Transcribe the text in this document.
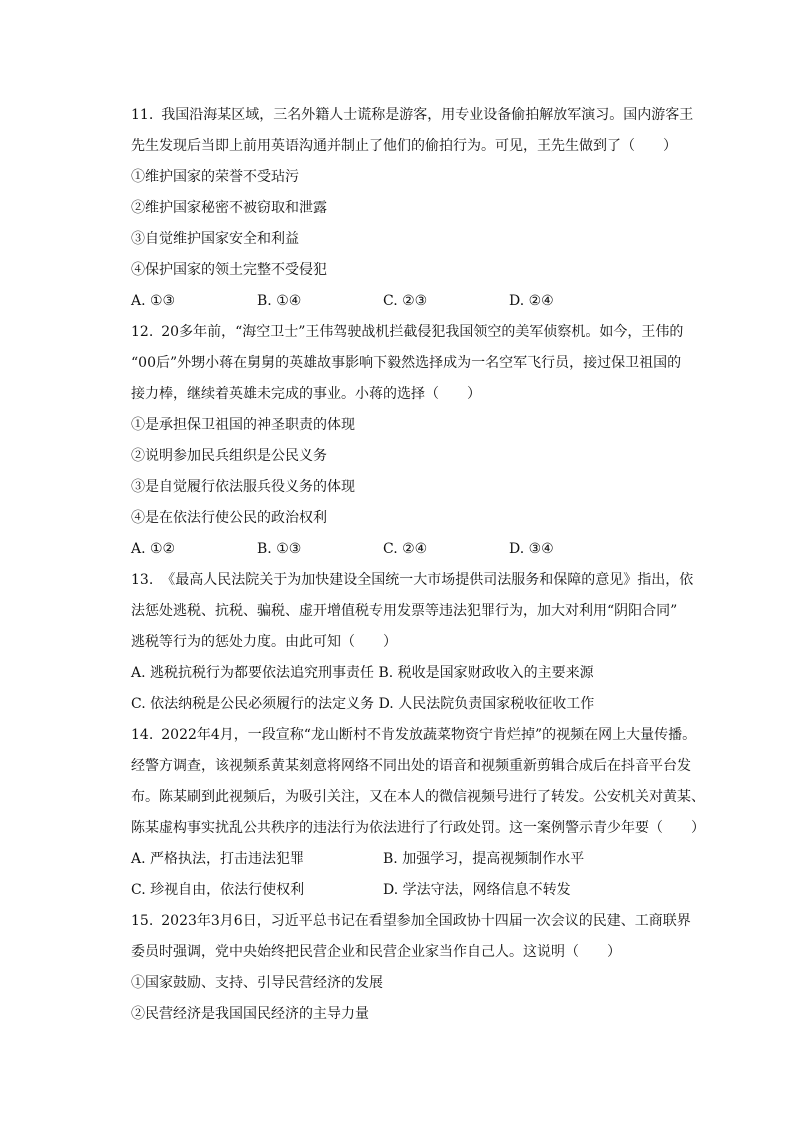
11. 我国沿海某区域，三名外籍人士谎称是游客，用专业设备偷拍解放军演习。国内游客王
先生发现后当即上前用英语沟通并制止了他们的偷拍行为。可见，王先生做到了（　　）
①维护国家的荣誉不受玷污
②维护国家秘密不被窃取和泄露
③自觉维护国家安全和利益
④保护国家的领土完整不受侵犯
A. ①③	B. ①④	C. ②③	D. ②④
12. 20多年前，“海空卫士”王伟驾驶战机拦截侵犯我国领空的美军侦察机。如今，王伟的
“00后”外甥小蒋在舅舅的英雄故事影响下毅然选择成为一名空军飞行员，接过保卫祖国的
接力棒，继续着英雄未完成的事业。小蒋的选择（　　）
①是承担保卫祖国的神圣职责的体现
②说明参加民兵组织是公民义务
③是自觉履行依法服兵役义务的体现
④是在依法行使公民的政治权利
A. ①②	B. ①③	C. ②④	D. ③④
13. 《最高人民法院关于为加快建设全国统一大市场提供司法服务和保障的意见》指出，依
法惩处逃税、抗税、骗税、虚开增值税专用发票等违法犯罪行为，加大对利用“阴阳合同”
逃税等行为的惩处力度。由此可知（　　）
A. 逃税抗税行为都要依法追究刑事责任 B. 税收是国家财政收入的主要来源
C. 依法纳税是公民必须履行的法定义务 D. 人民法院负责国家税收征收工作
14. 2022年4月，一段宣称“龙山断村不肯发放蔬菜物资宁肯烂掉”的视频在网上大量传播。
经警方调查，该视频系黄某刻意将网络不同出处的语音和视频重新剪辑合成后在抖音平台发
布。陈某刷到此视频后，为吸引关注，又在本人的微信视频号进行了转发。公安机关对黄某、
陈某虚构事实扰乱公共秩序的违法行为依法进行了行政处罚。这一案例警示青少年要（　　）
A. 严格执法，打击违法犯罪	B. 加强学习，提高视频制作水平
C. 珍视自由，依法行使权利	D. 学法守法，网络信息不转发
15. 2023年3月6日，习近平总书记在看望参加全国政协十四届一次会议的民建、工商联界
委员时强调，党中央始终把民营企业和民营企业家当作自己人。这说明（　　）
①国家鼓励、支持、引导民营经济的发展
②民营经济是我国国民经济的主导力量
